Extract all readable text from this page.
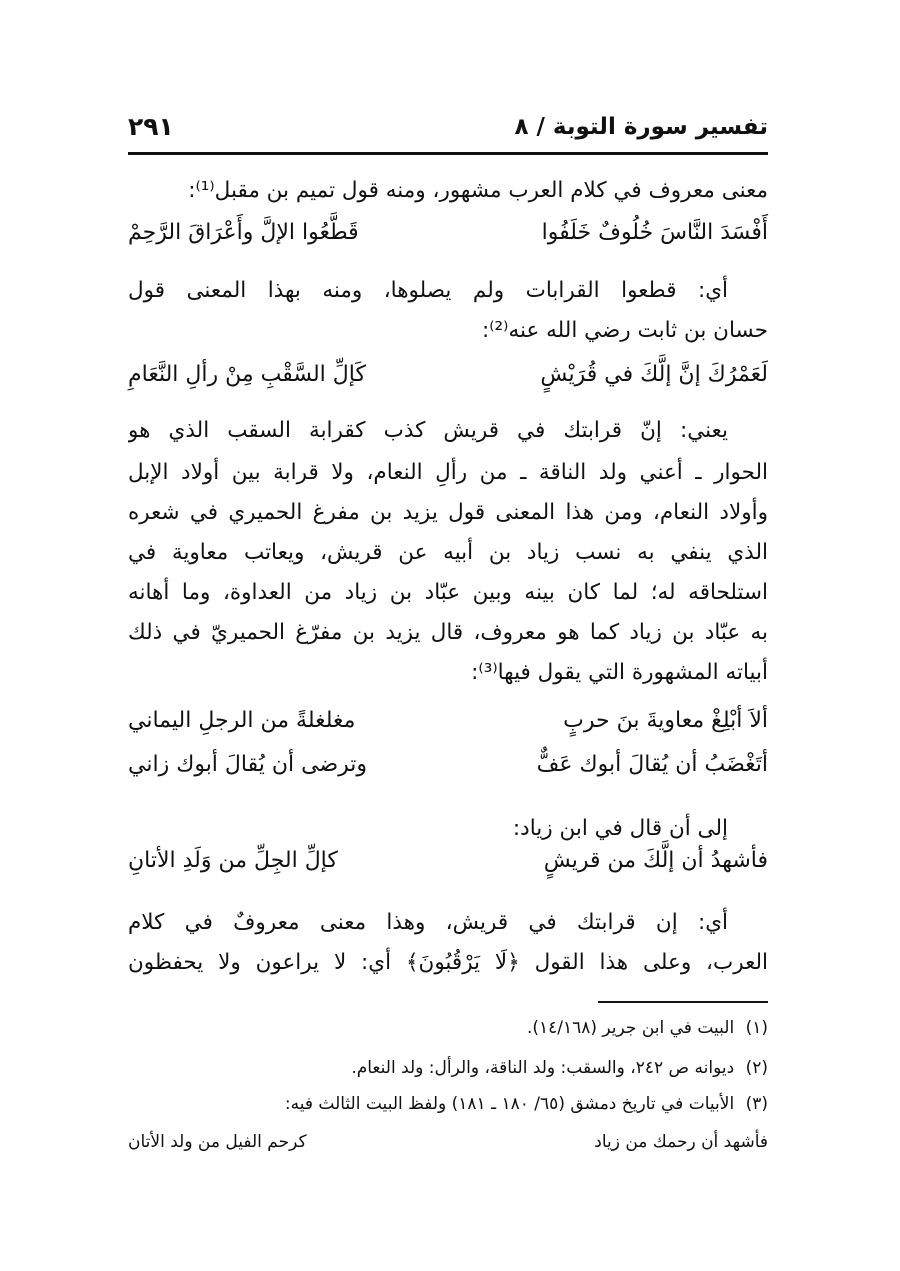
تفسير سورة التوبة / ٨
٢٩١
معنى معروف في كلام العرب مشهور، ومنه قول تميم بن مقبل⁽¹⁾:
أي: قطعوا القرابات ولم يصلوها، ومنه بهذا المعنى قول
حسان بن ثابت رضي الله عنه⁽²⁾:
يعني: إنّ قرابتك في قريش كذب كقرابة السقب الذي هو
الحوار ـ أعني ولد الناقة ـ من رألِ النعام، ولا قرابة بين أولاد الإبل
وأولاد النعام، ومن هذا المعنى قول يزيد بن مفرغ الحميري في شعره
الذي ينفي به نسب زياد بن أبيه عن قريش، ويعاتب معاوية في
استلحاقه له؛ لما كان بينه وبين عبّاد بن زياد من العداوة، وما أهانه
به عبّاد بن زياد كما هو معروف، قال يزيد بن مفرّغ الحميريّ في ذلك
أبياته المشهورة التي يقول فيها⁽³⁾:
إلى أن قال في ابن زياد:
أي: إن قرابتك في قريش، وهذا معنى معروفٌ في كلام
العرب، وعلى هذا القول ﴿لَا يَرْقُبُونَ﴾ أي: لا يراعون ولا يحفظون
أَفْسَدَ النَّاسَ خُلُوفٌ خَلَفُوا
قَطَّعُوا الإلَّ وأَعْرَاقَ الرَّحِمْ
لَعَمْرُكَ إنَّ إلَّكَ في قُرَيْشٍ
كَإلِّ السَّقْبِ مِنْ رألِ النَّعَامِ
ألاَ أبْلِغْ معاويةَ بنَ حربٍ
مغلغلةً من الرجلِ اليماني
أتَغْضَبُ أن يُقالَ أبوك عَفٌّ
وترضى أن يُقالَ أبوك زاني
فأشهدُ أن إلَّكَ من قريشٍ
كإلِّ الجِلِّ من وَلَدِ الأتانِ
(١) البيت في ابن جرير (١٤/١٦٨).
(٢) ديوانه ص ٢٤٢، والسقب: ولد الناقة، والرأل: ولد النعام.
(٣) الأبيات في تاريخ دمشق (٦٥/ ١٨٠ ـ ١٨١) ولفظ البيت الثالث فيه:
فأشهد أن رحمك من زياد
كرحم الفيل من ولد الأتان
